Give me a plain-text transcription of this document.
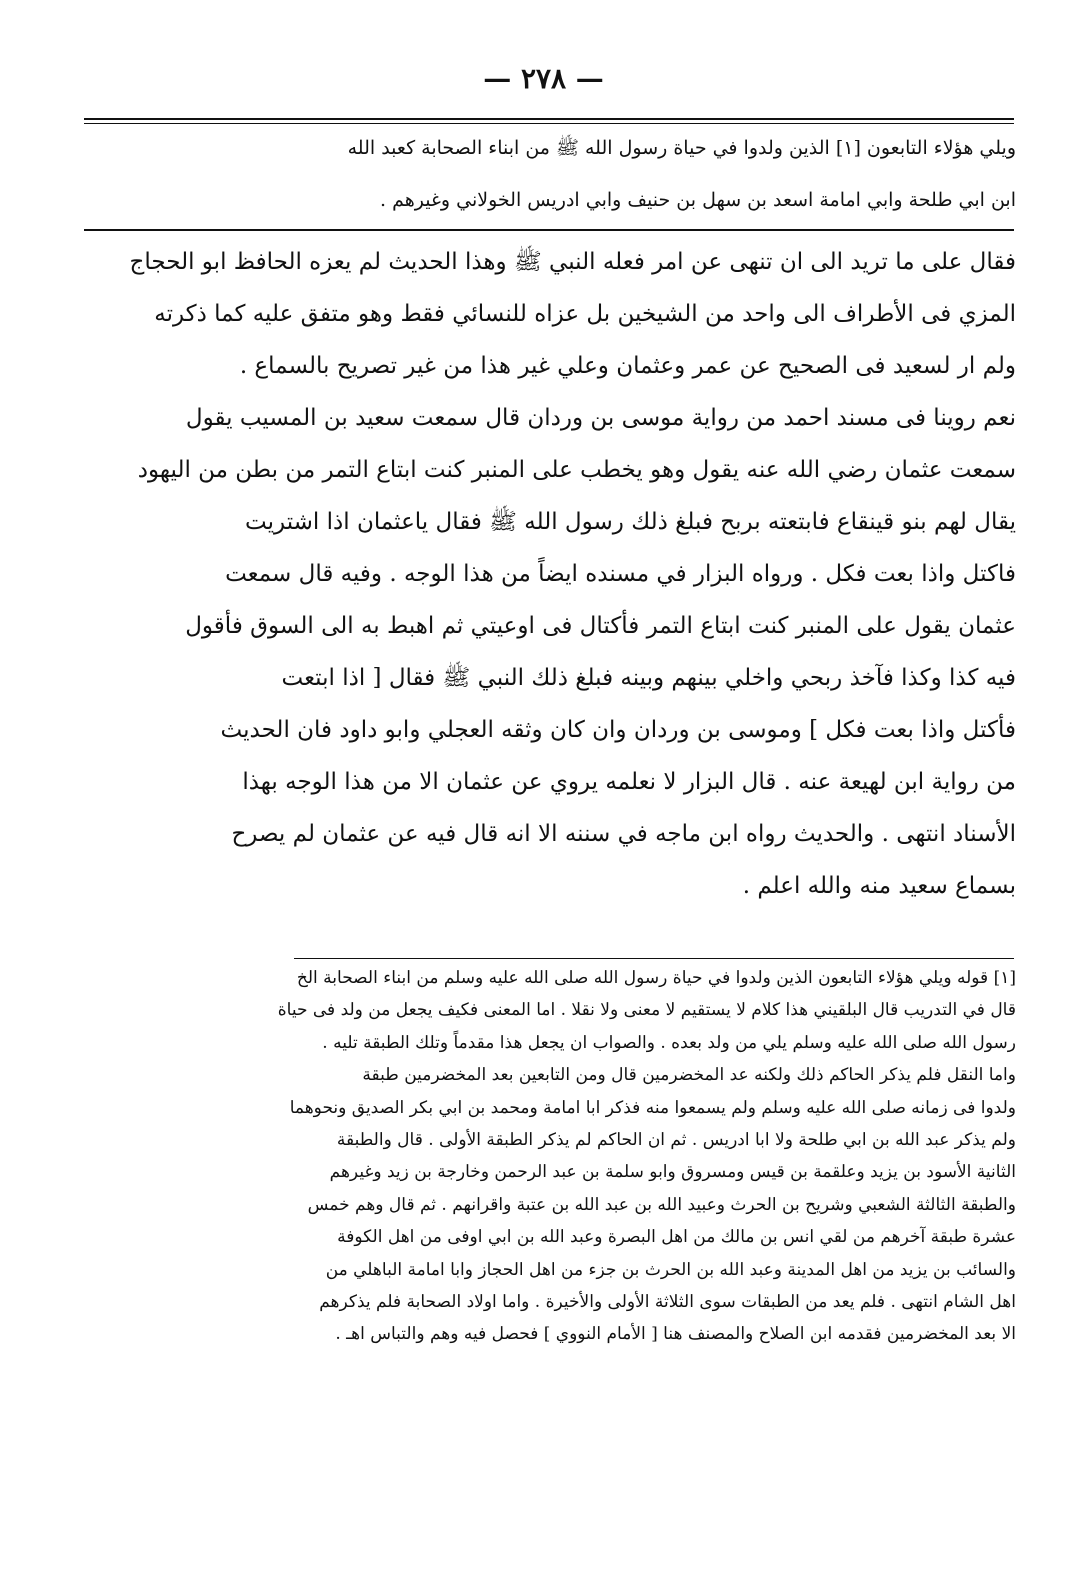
— ٢٧٨ —
ويلي هؤلاء التابعون [١] الذين ولدوا في حياة رسول الله ﷺ من ابناء الصحابة كعبد الله
ابن ابي طلحة وابي امامة اسعد بن سهل بن حنيف وابي ادريس الخولاني وغيرهم .
فقال على ما تريد الى ان تنهى عن امر فعله النبي ﷺ وهذا الحديث لم يعزه الحافظ ابو الحجاج
المزي فى الأطراف الى واحد من الشيخين بل عزاه للنسائي فقط وهو متفق عليه كما ذكرته
ولم ار لسعيد فى الصحيح عن عمر وعثمان وعلي غير هذا من غير تصريح بالسماع .
نعم روينا فى مسند احمد من رواية موسى بن وردان قال سمعت سعيد بن المسيب يقول
سمعت عثمان رضي الله عنه يقول وهو يخطب على المنبر كنت ابتاع التمر من بطن من اليهود
يقال لهم بنو قينقاع فابتعته بربح فبلغ ذلك رسول الله ﷺ فقال ياعثمان اذا اشتريت
فاكتل واذا بعت فكل . ورواه البزار في مسنده ايضاً من هذا الوجه . وفيه قال سمعت
عثمان يقول على المنبر كنت ابتاع التمر فأكتال فى اوعيتي ثم اهبط به الى السوق فأقول
فيه كذا وكذا فآخذ ربحي واخلي بينهم وبينه فبلغ ذلك النبي ﷺ فقال [ اذا ابتعت
فأكتل واذا بعت فكل ] وموسى بن وردان وان كان وثقه العجلي وابو داود فان الحديث
من رواية ابن لهيعة عنه . قال البزار لا نعلمه يروي عن عثمان الا من هذا الوجه بهذا
الأسناد انتهى . والحديث رواه ابن ماجه في سننه الا انه قال فيه عن عثمان لم يصرح
بسماع سعيد منه والله اعلم .
[١] قوله ويلي هؤلاء التابعون الذين ولدوا في حياة رسول الله صلى الله عليه وسلم من ابناء الصحابة الخ
قال في التدريب قال البلقيني هذا كلام لا يستقيم لا معنى ولا نقلا . اما المعنى فكيف يجعل من ولد فى حياة
رسول الله صلى الله عليه وسلم يلي من ولد بعده . والصواب ان يجعل هذا مقدماً وتلك الطبقة تليه .
واما النقل فلم يذكر الحاكم ذلك ولكنه عد المخضرمين قال ومن التابعين بعد المخضرمين طبقة
ولدوا فى زمانه صلى الله عليه وسلم ولم يسمعوا منه فذكر ابا امامة ومحمد بن ابي بكر الصديق ونحوهما
ولم يذكر عبد الله بن ابي طلحة ولا ابا ادريس . ثم ان الحاكم لم يذكر الطبقة الأولى . قال والطبقة
الثانية الأسود بن يزيد وعلقمة بن قيس ومسروق وابو سلمة بن عبد الرحمن وخارجة بن زيد وغيرهم
والطبقة الثالثة الشعبي وشريح بن الحرث وعبيد الله بن عبد الله بن عتبة واقرانهم . ثم قال وهم خمس
عشرة طبقة آخرهم من لقي انس بن مالك من اهل البصرة وعبد الله بن ابي اوفى من اهل الكوفة
والسائب بن يزيد من اهل المدينة وعبد الله بن الحرث بن جزء من اهل الحجاز وابا امامة الباهلي من
اهل الشام انتهى . فلم يعد من الطبقات سوى الثلاثة الأولى والأخيرة . واما اولاد الصحابة فلم يذكرهم
الا بعد المخضرمين فقدمه ابن الصلاح والمصنف هنا [ الأمام النووي ] فحصل فيه وهم والتباس اهـ .
